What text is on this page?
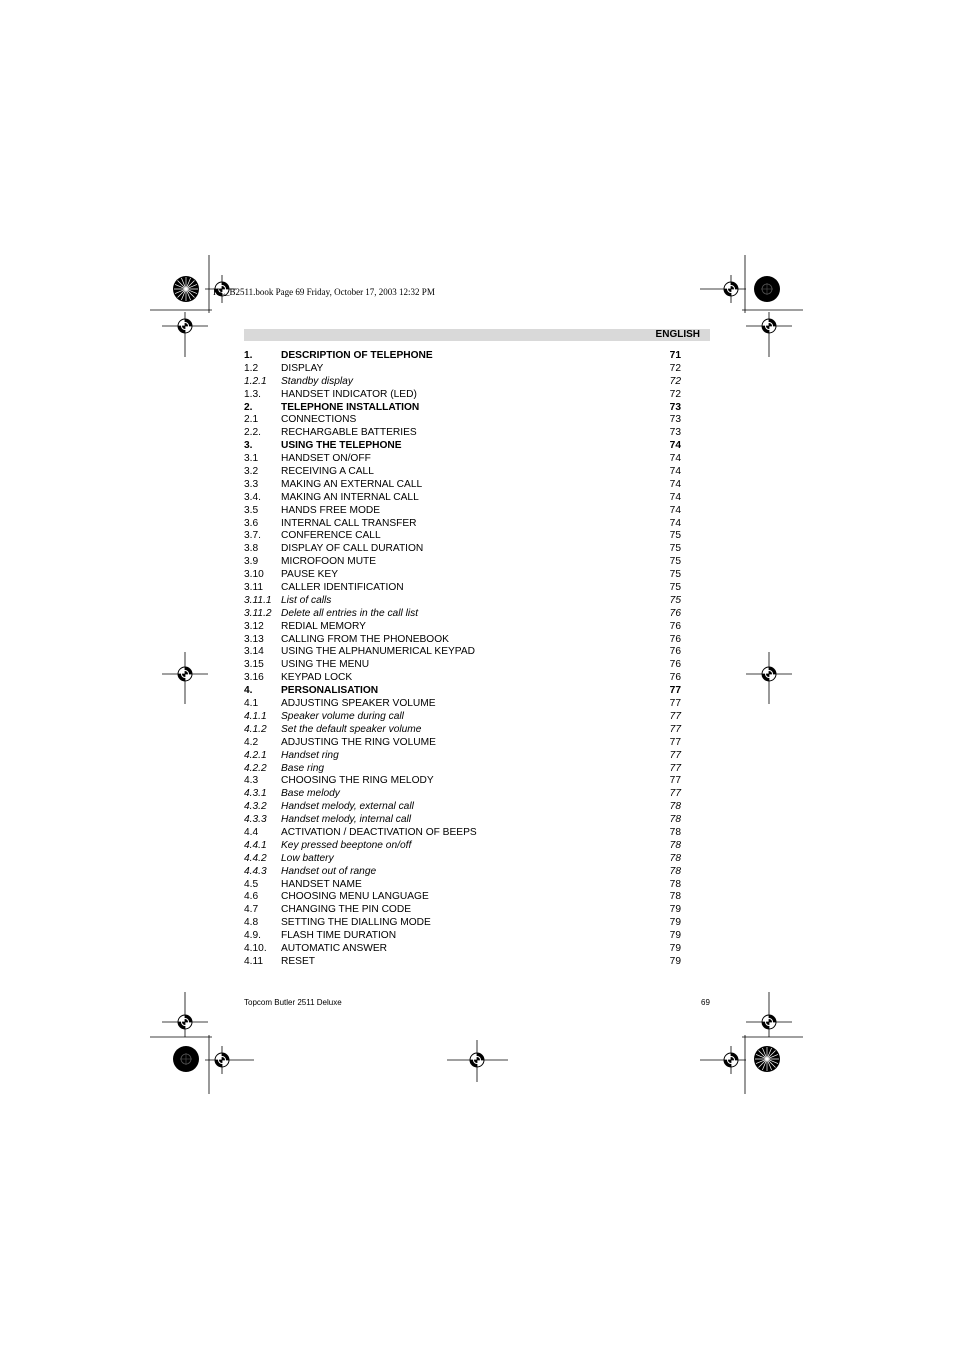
HL_B2511.book Page 69 Friday, October 17, 2003 12:32 PM
ENGLISH
1.	DESCRIPTION OF TELEPHONE	71
1.2 DISPLAY	72
1.2.1 Standby display	72
1.3. HANDSET INDICATOR (LED)	72
2.	TELEPHONE INSTALLATION	73
2.1 CONNECTIONS	73
2.2. RECHARGABLE BATTERIES	73
3.	USING THE TELEPHONE	74
3.1 HANDSET ON/OFF	74
3.2 RECEIVING A CALL	74
3.3 MAKING AN EXTERNAL CALL	74
3.4. MAKING AN INTERNAL CALL	74
3.5 HANDS FREE MODE	74
3.6 INTERNAL CALL TRANSFER	74
3.7. CONFERENCE CALL	75
3.8 DISPLAY OF CALL DURATION	75
3.9 MICROFOON MUTE	75
3.10 PAUSE KEY	75
3.11 CALLER IDENTIFICATION	75
3.11.1 List of calls	75
3.11.2 Delete all entries in the call list	76
3.12 REDIAL MEMORY	76
3.13 CALLING FROM THE PHONEBOOK	76
3.14 USING THE ALPHANUMERICAL KEYPAD	76
3.15 USING THE MENU	76
3.16 KEYPAD LOCK	76
4.	PERSONALISATION	77
4.1 ADJUSTING SPEAKER VOLUME	77
4.1.1 Speaker volume during call	77
4.1.2 Set the default speaker volume	77
4.2 ADJUSTING THE RING VOLUME	77
4.2.1 Handset ring	77
4.2.2 Base ring	77
4.3 CHOOSING THE RING MELODY	77
4.3.1 Base melody	77
4.3.2 Handset melody, external call	78
4.3.3 Handset melody, internal call	78
4.4 ACTIVATION / DEACTIVATION OF BEEPS	78
4.4.1 Key pressed beeptone on/off	78
4.4.2 Low battery	78
4.4.3 Handset out of range	78
4.5 HANDSET NAME	78
4.6 CHOOSING MENU LANGUAGE	78
4.7 CHANGING THE PIN CODE	79
4.8 SETTING THE DIALLING MODE	79
4.9. FLASH TIME DURATION	79
4.10. AUTOMATIC ANSWER	79
4.11 RESET	79
Topcom Butler 2511 Deluxe	69
